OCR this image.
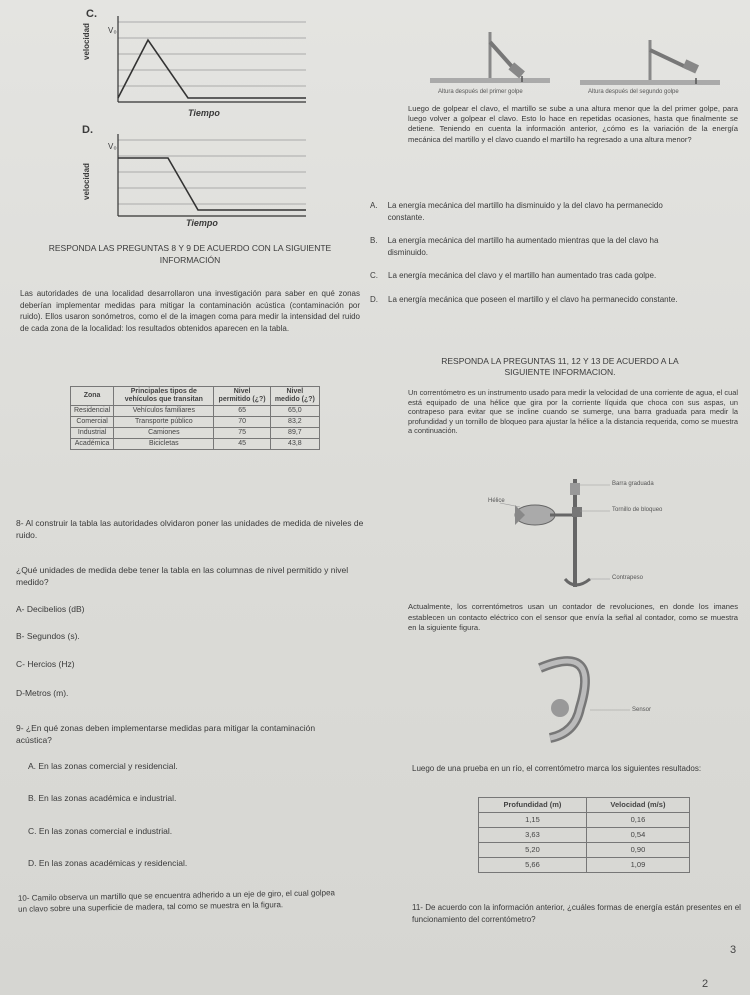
C.
V₀
velocidad
Tiempo
D.
V₀
velocidad
Tiempo
RESPONDA LAS PREGUNTAS 8 Y 9 DE ACUERDO CON LA SIGUIENTE
INFORMACIÓN
Las autoridades de una localidad desarrollaron una investigación para saber en qué zonas deberían implementar medidas para mitigar la contaminación acústica (contaminación por ruido). Ellos usaron sonómetros, como el de la imagen coma para medir la intensidad del ruido de cada zona de la localidad: los resultados obtenidos aparecen en la tabla.
Zona	Principales tipos de vehículos que transitan	Nivel permitido (¿?)	Nivel medido (¿?)
Residencial	Vehículos familiares	65	65,0
Comercial	Transporte público	70	83,2
Industrial	Camiones	75	89,7
Académica	Bicicletas	45	43,8
8- Al construir la tabla las autoridades olvidaron poner las unidades de medida de niveles de ruido.
¿Qué unidades de medida debe tener la tabla en las columnas de nivel permitido y nivel medido?
A- Decibelios (dB)
B- Segundos (s).
C- Hercios (Hz)
D-Metros (m).
9- ¿En qué zonas deben implementarse medidas para mitigar la contaminación acústica?
A. En las zonas comercial y residencial.
B. En las zonas académica e industrial.
C. En las zonas comercial e industrial.
D. En las zonas académicas y residencial.
10- Camilo observa un martillo que se encuentra adherido a un eje de giro, el cual golpea un clavo sobre una superficie de madera, tal como se muestra en la figura.
Altura después del primer golpe	Altura después del segundo golpe
Luego de golpear el clavo, el martillo se sube a una altura menor que la del primer golpe, para luego volver a golpear el clavo. Esto lo hace en repetidas ocasiones, hasta que finalmente se detiene. Teniendo en cuenta la información anterior, ¿cómo es la variación de la energía mecánica del martillo y el clavo cuando el martillo ha regresado a una altura menor?
A. La energía mecánica del martillo ha disminuido y la del clavo ha permanecido constante.
B. La energía mecánica del martillo ha aumentado mientras que la del clavo ha disminuido.
C. La energía mecánica del clavo y el martillo han aumentado tras cada golpe.
D. La energía mecánica que poseen el martillo y el clavo ha permanecido constante.
RESPONDA LA PREGUNTAS 11, 12 Y 13 DE ACUERDO A LA
SIGUIENTE INFORMACION.
Un correntómetro es un instrumento usado para medir la velocidad de una corriente de agua, el cual está equipado de una hélice que gira por la corriente líquida que choca con sus aspas, un contrapeso para evitar que se incline cuando se sumerge, una barra graduada para medir la profundidad y un tornillo de bloqueo para ajustar la hélice a la distancia requerida, como se muestra a continuación.
Barra graduada
Tornillo de bloqueo
Hélice
Contrapeso
Actualmente, los correntómetros usan un contador de revoluciones, en donde los imanes establecen un contacto eléctrico con el sensor que envía la señal al contador, como se muestra en la siguiente figura.
Sensor
Luego de una prueba en un río, el correntómetro marca los siguientes resultados:
Profundidad (m)	Velocidad (m/s)
1,15	0,16
3,63	0,54
5,20	0,90
5,66	1,09
11- De acuerdo con la información anterior, ¿cuáles formas de energía están presentes en el funcionamiento del correntómetro?
3
2
